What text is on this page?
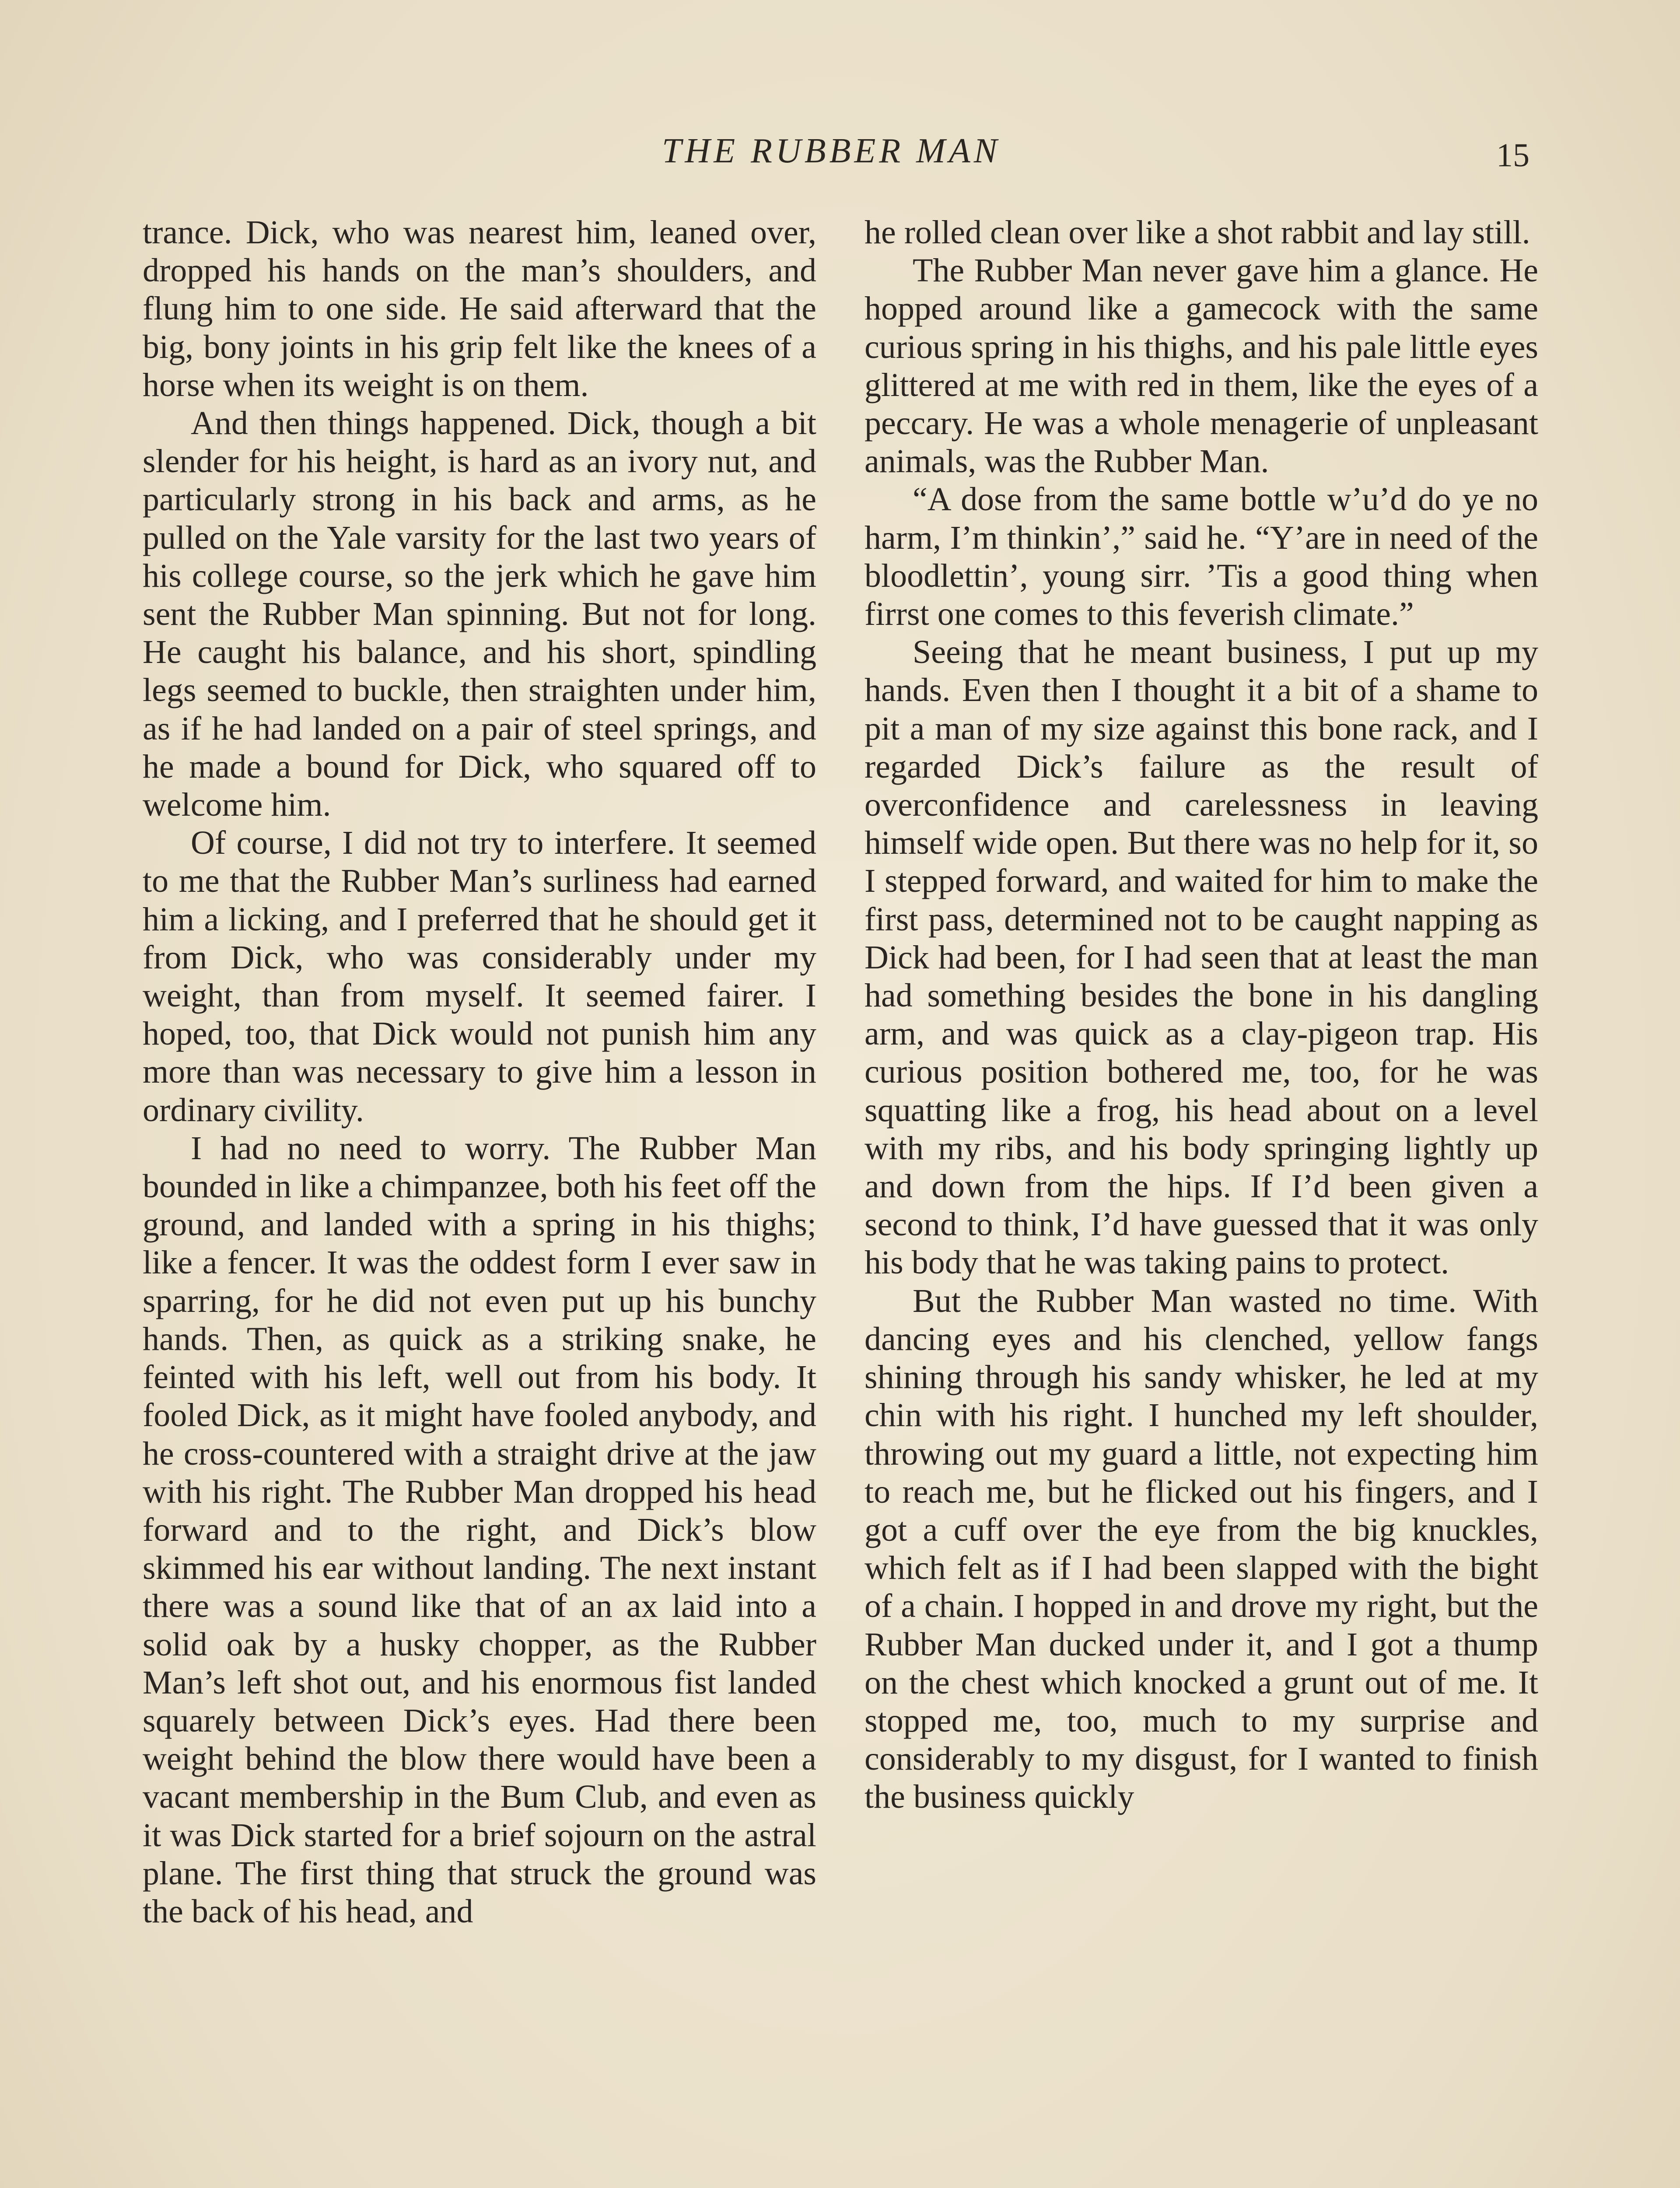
THE RUBBER MAN	15

trance. Dick, who was nearest him, leaned over, dropped his hands on the man’s shoulders, and flung him to one side. He said afterward that the big, bony joints in his grip felt like the knees of a horse when its weight is on them.

And then things happened. Dick, though a bit slender for his height, is hard as an ivory nut, and particularly strong in his back and arms, as he pulled on the Yale varsity for the last two years of his college course, so the jerk which he gave him sent the Rubber Man spinning. But not for long. He caught his balance, and his short, spindling legs seemed to buckle, then straighten under him, as if he had landed on a pair of steel springs, and he made a bound for Dick, who squared off to welcome him.

Of course, I did not try to interfere. It seemed to me that the Rubber Man’s surliness had earned him a licking, and I preferred that he should get it from Dick, who was considerably under my weight, than from myself. It seemed fairer. I hoped, too, that Dick would not punish him any more than was necessary to give him a lesson in ordinary civility.

I had no need to worry. The Rubber Man bounded in like a chimpanzee, both his feet off the ground, and landed with a spring in his thighs; like a fencer. It was the oddest form I ever saw in sparring, for he did not even put up his bunchy hands. Then, as quick as a striking snake, he feinted with his left, well out from his body. It fooled Dick, as it might have fooled anybody, and he cross-countered with a straight drive at the jaw with his right. The Rubber Man dropped his head forward and to the right, and Dick’s blow skimmed his ear without landing. The next instant there was a sound like that of an ax laid into a solid oak by a husky chopper, as the Rubber Man’s left shot out, and his enormous fist landed squarely between Dick’s eyes. Had there been weight behind the blow there would have been a vacant membership in the Bum Club, and even as it was Dick started for a brief sojourn on the astral plane. The first thing that struck the ground was the back of his head, and

he rolled clean over like a shot rabbit and lay still.

The Rubber Man never gave him a glance. He hopped around like a gamecock with the same curious spring in his thighs, and his pale little eyes glittered at me with red in them, like the eyes of a peccary. He was a whole menagerie of unpleasant animals, was the Rubber Man.

“A dose from the same bottle w’u’d do ye no harm, I’m thinkin’,” said he. “Y’are in need of the bloodlettin’, young sirr. ’Tis a good thing when firrst one comes to this feverish climate.”

Seeing that he meant business, I put up my hands. Even then I thought it a bit of a shame to pit a man of my size against this bone rack, and I regarded Dick’s failure as the result of overconfidence and carelessness in leaving himself wide open. But there was no help for it, so I stepped forward, and waited for him to make the first pass, determined not to be caught napping as Dick had been, for I had seen that at least the man had something besides the bone in his dangling arm, and was quick as a clay-pigeon trap. His curious position bothered me, too, for he was squatting like a frog, his head about on a level with my ribs, and his body springing lightly up and down from the hips. If I’d been given a second to think, I’d have guessed that it was only his body that he was taking pains to protect.

But the Rubber Man wasted no time. With dancing eyes and his clenched, yellow fangs shining through his sandy whisker, he led at my chin with his right. I hunched my left shoulder, throwing out my guard a little, not expecting him to reach me, but he flicked out his fingers, and I got a cuff over the eye from the big knuckles, which felt as if I had been slapped with the bight of a chain. I hopped in and drove my right, but the Rubber Man ducked under it, and I got a thump on the chest which knocked a grunt out of me. It stopped me, too, much to my surprise and considerably to my disgust, for I wanted to finish the business quickly
